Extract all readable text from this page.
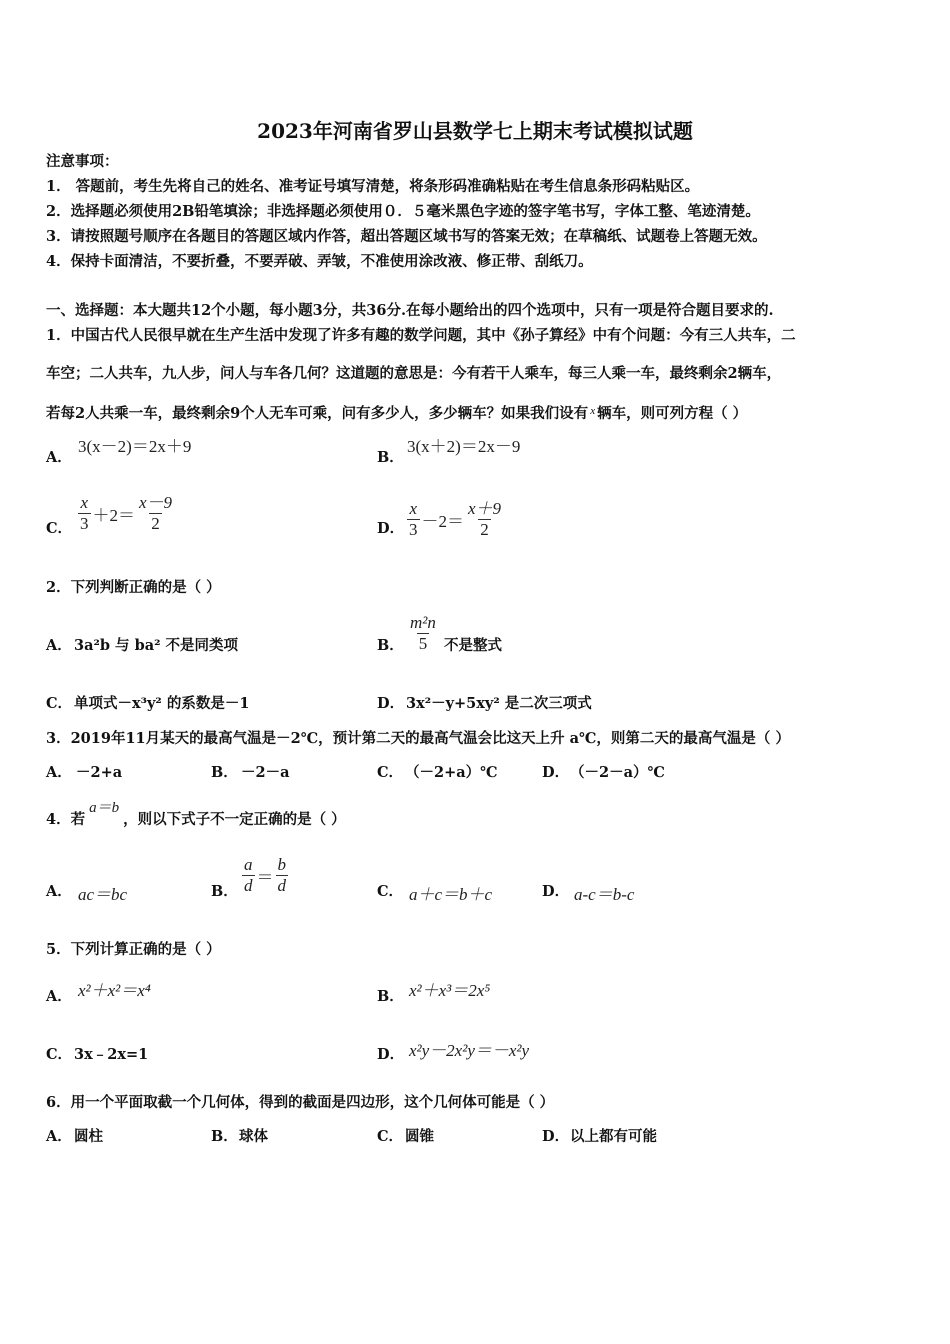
2023年河南省罗山县数学七上期末考试模拟试题
注意事项：
1． 答题前，考生先将自己的姓名、准考证号填写清楚，将条形码准确粘贴在考生信息条形码粘贴区。
2．选择题必须使用2B铅笔填涂；非选择题必须使用０．５毫米黑色字迹的签字笔书写，字体工整、笔迹清楚。
3．请按照题号顺序在各题目的答题区域内作答，超出答题区域书写的答案无效；在草稿纸、试题卷上答题无效。
4．保持卡面清洁，不要折叠，不要弄破、弄皱，不准使用涂改液、修正带、刮纸刀。
一、选择题：本大题共12个小题，每小题3分，共36分.在每小题给出的四个选项中，只有一项是符合题目要求的.
1．中国古代人民很早就在生产生活中发现了许多有趣的数学问题，其中《孙子算经》中有个问题：今有三人共车，二
车空；二人共车，九人步，问人与车各几何？这道题的意思是：今有若干人乘车，每三人乘一车，最终剩余2辆车，
若每2人共乘一车，最终剩余9个人无车可乘，问有多少人，多少辆车？如果我们设有 $^x$ 辆车，则可列方程（ ）
A．
3(x－2)＝2x＋9
B．
3(x＋2)＝2x－9
C． $\frac{x}{3} +2= \frac{x-9}{2}$	D． $\frac{x}{3} -2= \frac{x+9}{2}$
2．下列判断正确的是（ ）
A． 3a²b 与 ba² 不是同类项	B． $\frac{\text{m²n}}{5}$ 不是整式
C． 单项式－x³y² 的系数是－1	D． 3x²－y+5xy² 是二次三项式
3．2019年11月某天的最高气温是－2℃，预计第二天的最高气温会比这天上升 a℃，则第二天的最高气温是（ ）
A． －2+a	B． －2－a	C． （－2+a）℃	D． （－2－a）℃
4．若a＝b，则以下式子不一定正确的是（ ）
A． ac＝bc	B． $\frac{a}{d} = \frac{b}{d}$	C． a＋c＝b＋c	D． a-c＝b-c
5．下列计算正确的是（ ）
A． x²＋x²＝x⁴	B． x²＋x³＝2x⁵
C． 3x﹣2x=1	D． x²y－2x²y＝－x²y
6．用一个平面取截一个几何体，得到的截面是四边形，这个几何体可能是（ ）
A． 圆柱	B． 球体	C． 圆锥	D． 以上都有可能
